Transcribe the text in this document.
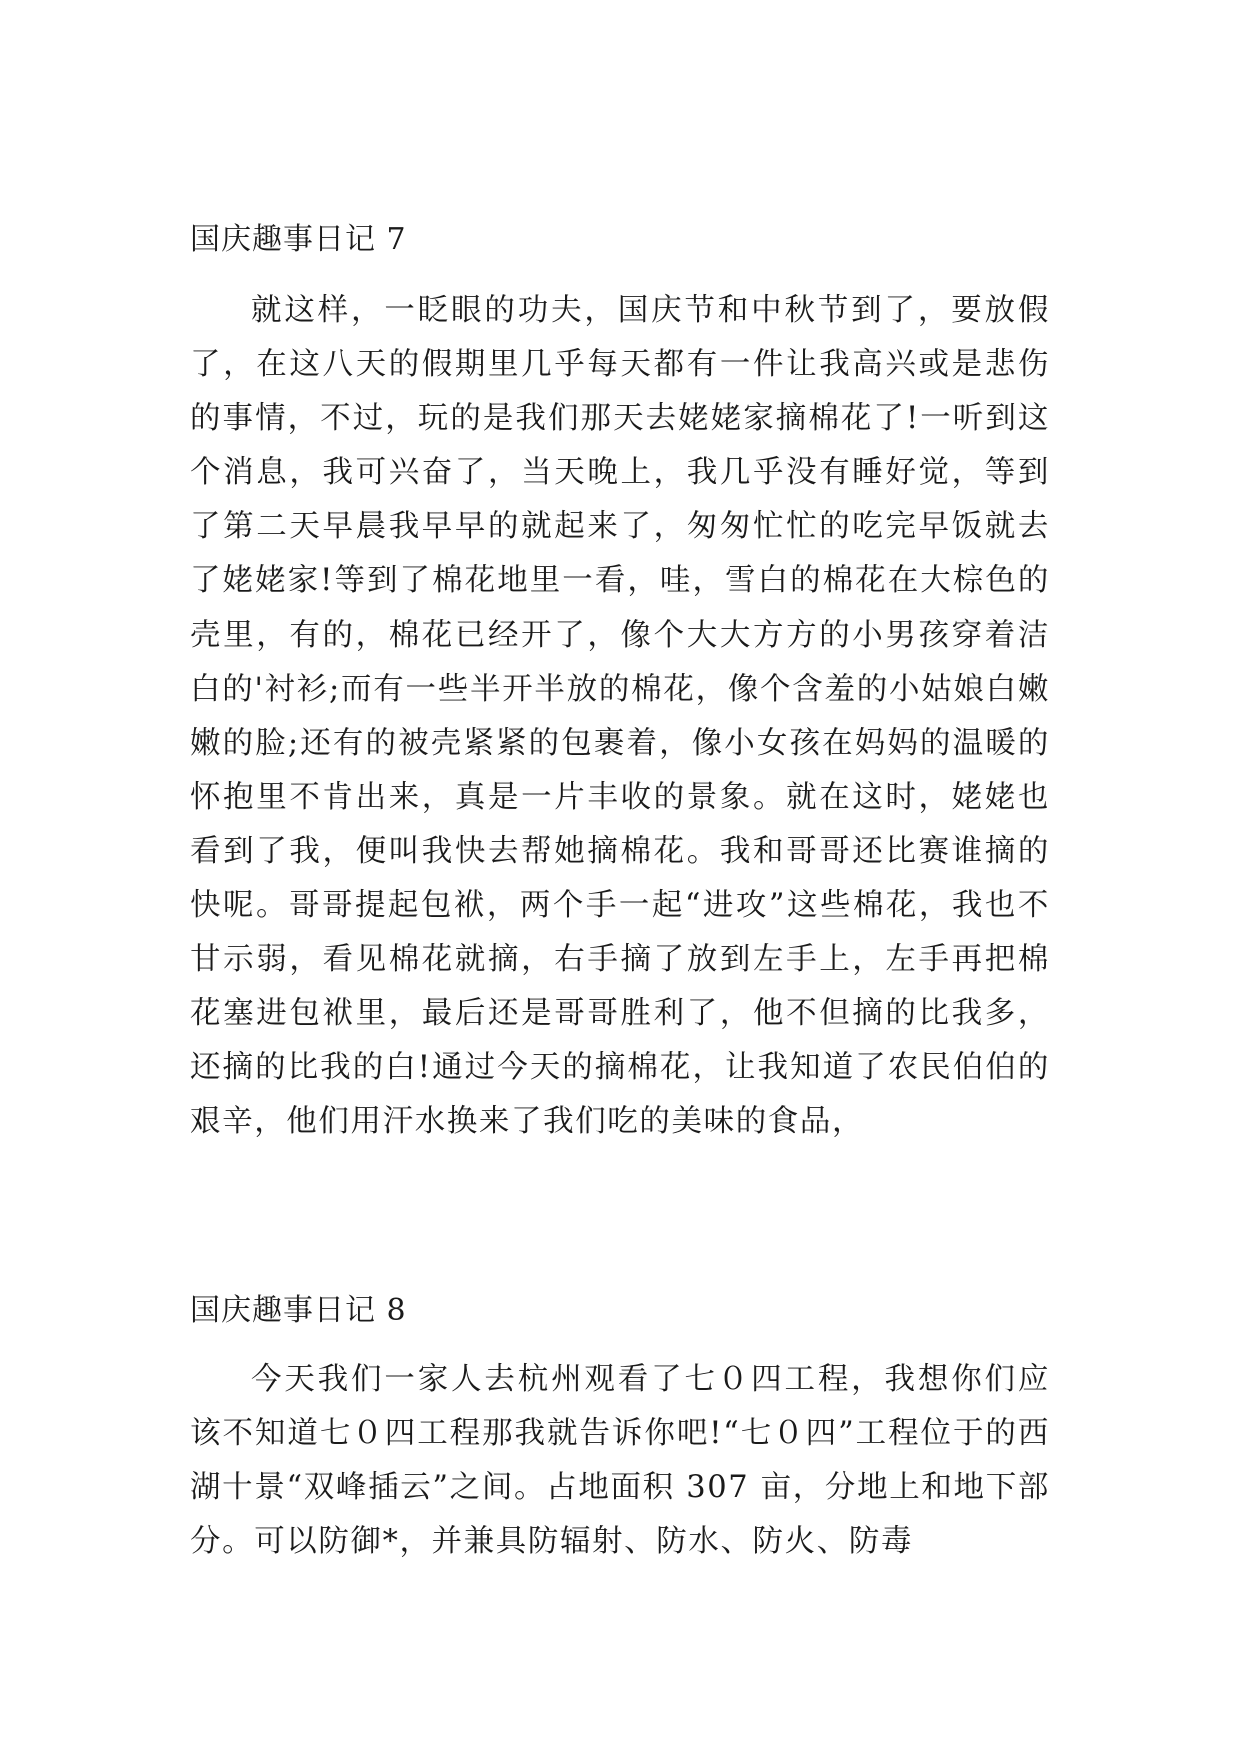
国庆趣事日记 7

就这样，一眨眼的功夫，国庆节和中秋节到了，要放假了，在这八天的假期里几乎每天都有一件让我高兴或是悲伤的事情，不过，玩的是我们那天去姥姥家摘棉花了!一听到这个消息，我可兴奋了，当天晚上，我几乎没有睡好觉，等到了第二天早晨我早早的就起来了，匆匆忙忙的吃完早饭就去了姥姥家!等到了棉花地里一看，哇，雪白的棉花在大棕色的壳里，有的，棉花已经开了，像个大大方方的小男孩穿着洁白的'衬衫;而有一些半开半放的棉花，像个含羞的小姑娘白嫩嫩的脸;还有的被壳紧紧的包裹着，像小女孩在妈妈的温暖的怀抱里不肯出来，真是一片丰收的景象。就在这时，姥姥也看到了我，便叫我快去帮她摘棉花。我和哥哥还比赛谁摘的快呢。哥哥提起包袱，两个手一起“进攻”这些棉花，我也不甘示弱，看见棉花就摘，右手摘了放到左手上，左手再把棉花塞进包袱里，最后还是哥哥胜利了，他不但摘的比我多，还摘的比我的白!通过今天的摘棉花，让我知道了农民伯伯的艰辛，他们用汗水换来了我们吃的美味的食品，

国庆趣事日记 8

今天我们一家人去杭州观看了七０四工程，我想你们应该不知道七０四工程那我就告诉你吧!“七０四”工程位于的西湖十景“双峰插云”之间。占地面积 307 亩，分地上和地下部分。可以防御*，并兼具防辐射、防水、防火、防毒
